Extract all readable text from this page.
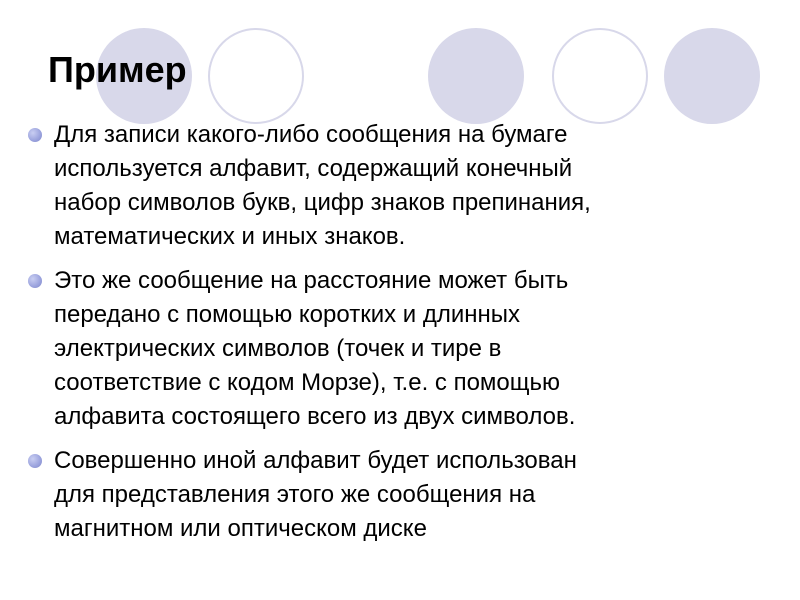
Пример
Для записи какого-либо сообщения на бумаге
используется алфавит, содержащий конечный
набор символов букв, цифр знаков препинания,
математических и иных знаков.
Это же сообщение на расстояние может быть
передано с помощью коротких и длинных
электрических символов (точек и тире в
соответствие с кодом Морзе), т.е. с помощью
алфавита состоящего всего из двух символов.
Совершенно иной алфавит будет использован
для представления этого же сообщения на
магнитном или оптическом диске
